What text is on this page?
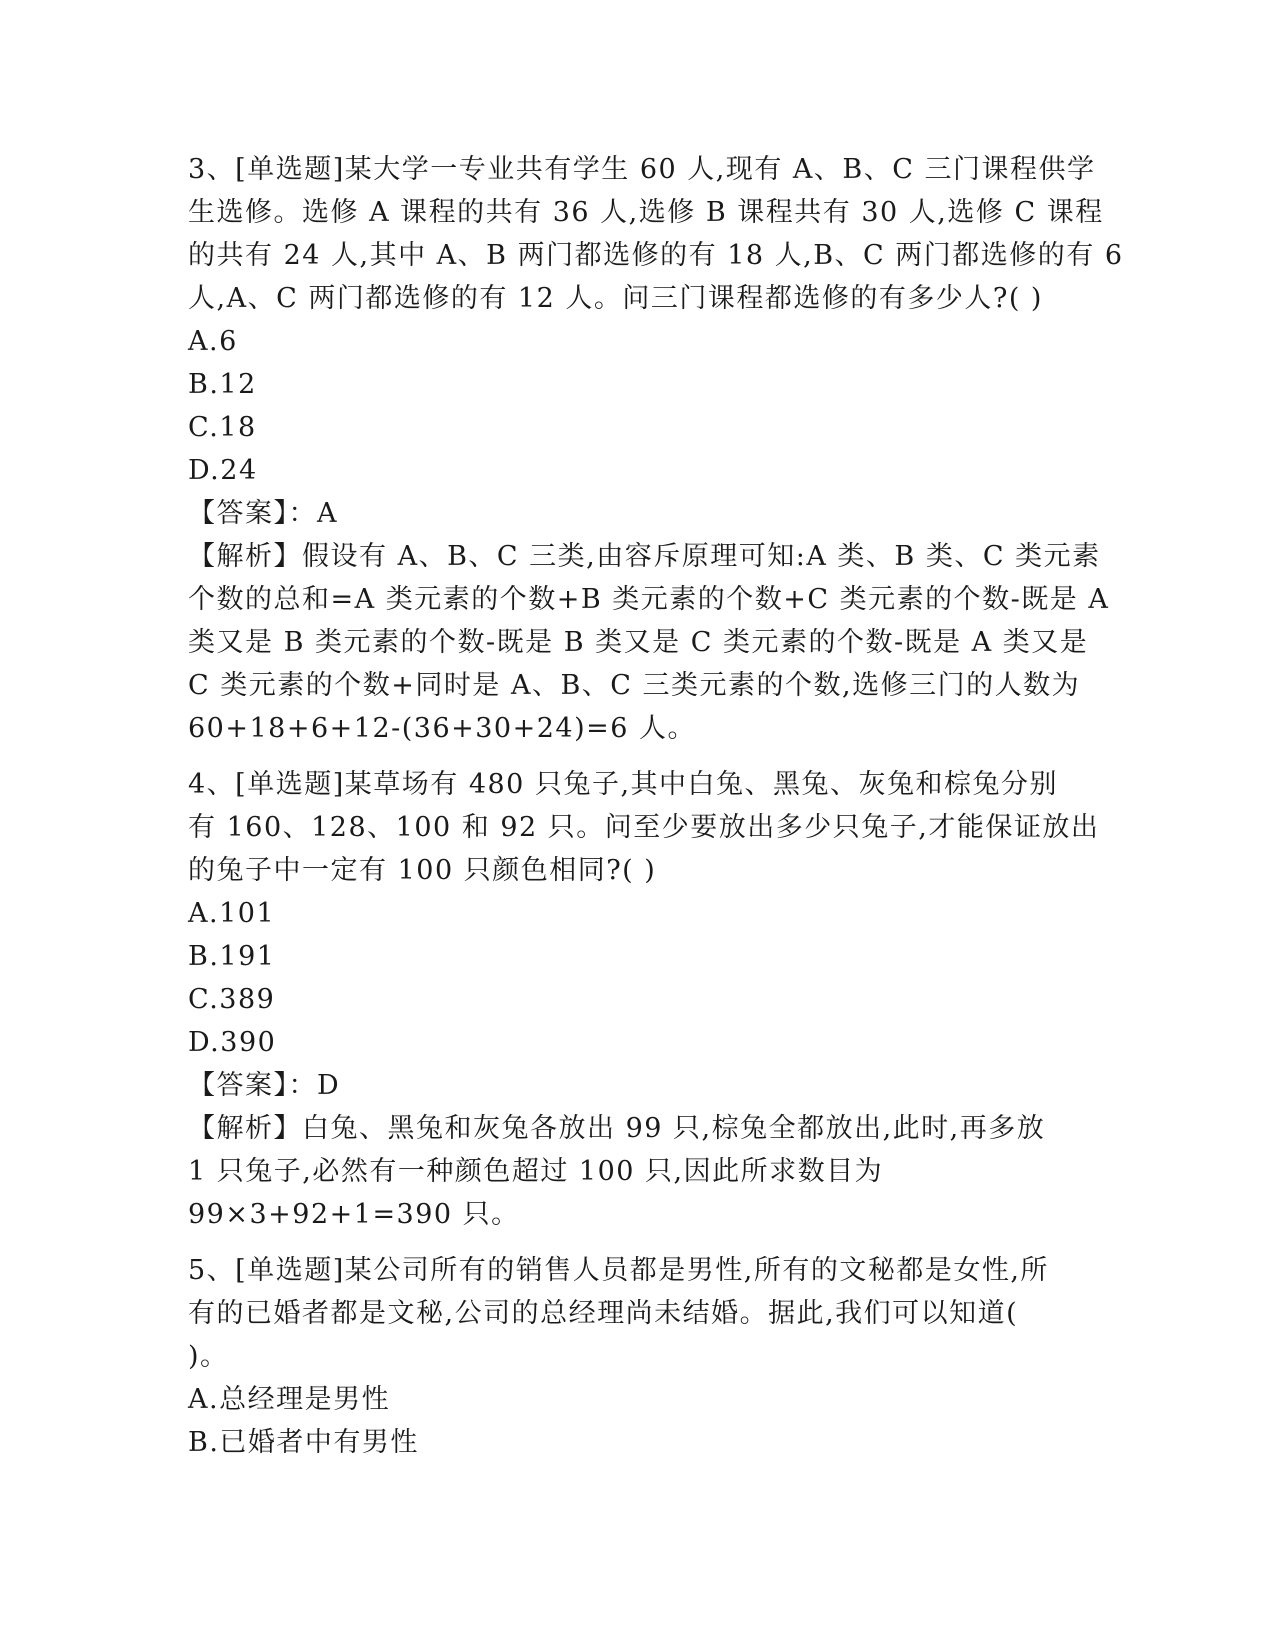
3、[单选题]某大学一专业共有学生 60 人,现有 A、B、C 三门课程供学
生选修。选修 A 课程的共有 36 人,选修 B 课程共有 30 人,选修 C 课程
的共有 24 人,其中 A、B 两门都选修的有 18 人,B、C 两门都选修的有 6
人,A、C 两门都选修的有 12 人。问三门课程都选修的有多少人?( )
A.6
B.12
C.18
D.24
【答案】：A
【解析】假设有 A、B、C 三类,由容斥原理可知:A 类、B 类、C 类元素
个数的总和=A 类元素的个数+B 类元素的个数+C 类元素的个数-既是 A
类又是 B 类元素的个数-既是 B 类又是 C 类元素的个数-既是 A 类又是
C 类元素的个数+同时是 A、B、C 三类元素的个数,选修三门的人数为
60+18+6+12-(36+30+24)=6 人。
4、[单选题]某草场有 480 只兔子,其中白兔、黑兔、灰兔和棕兔分别
有 160、128、100 和 92 只。问至少要放出多少只兔子,才能保证放出
的兔子中一定有 100 只颜色相同?( )
A.101
B.191
C.389
D.390
【答案】：D
【解析】白兔、黑兔和灰兔各放出 99 只,棕兔全都放出,此时,再多放
1 只兔子,必然有一种颜色超过 100 只,因此所求数目为
99×3+92+1=390 只。
5、[单选题]某公司所有的销售人员都是男性,所有的文秘都是女性,所
有的已婚者都是文秘,公司的总经理尚未结婚。据此,我们可以知道(
)。
A.总经理是男性
B.已婚者中有男性
